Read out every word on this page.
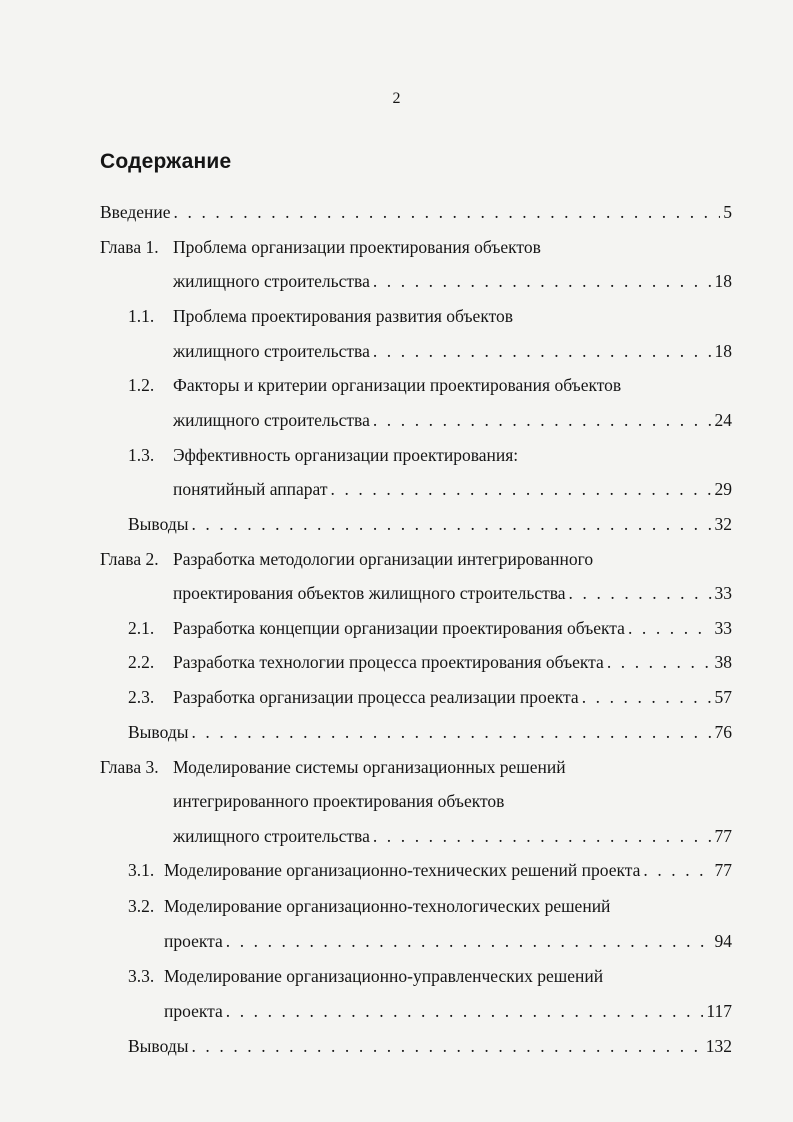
2
Содержание
Введение . . .	5
Глава 1. Проблема организации проектирования объектов
жилищного строительства . . .	18
1.1.	Проблема проектирования развития объектов
жилищного строительства . . .	18
1.2.	Факторы и критерии организации проектирования объектов
жилищного строительства . . .	24
1.3.	Эффективность организации проектирования:
понятийный аппарат . . .	29
Выводы . . .	32
Глава 2. Разработка методологии организации интегрированного
проектирования объектов жилищного строительства . . .	33
2.1.	Разработка концепции организации проектирования объекта . . .	33
2.2.	Разработка технологии процесса проектирования объекта . . .	38
2.3.	Разработка организации процесса реализации проекта . . .	57
Выводы . . .	76
Глава 3. Моделирование системы организационных решений
интегрированного проектирования объектов
жилищного строительства . . .	77
3.1. Моделирование организационно-технических решений проекта . . .	77
3.2. Моделирование организационно-технологических решений
проекта . . .	94
3.3. Моделирование организационно-управленческих решений
проекта . . .	117
Выводы . . .	132
